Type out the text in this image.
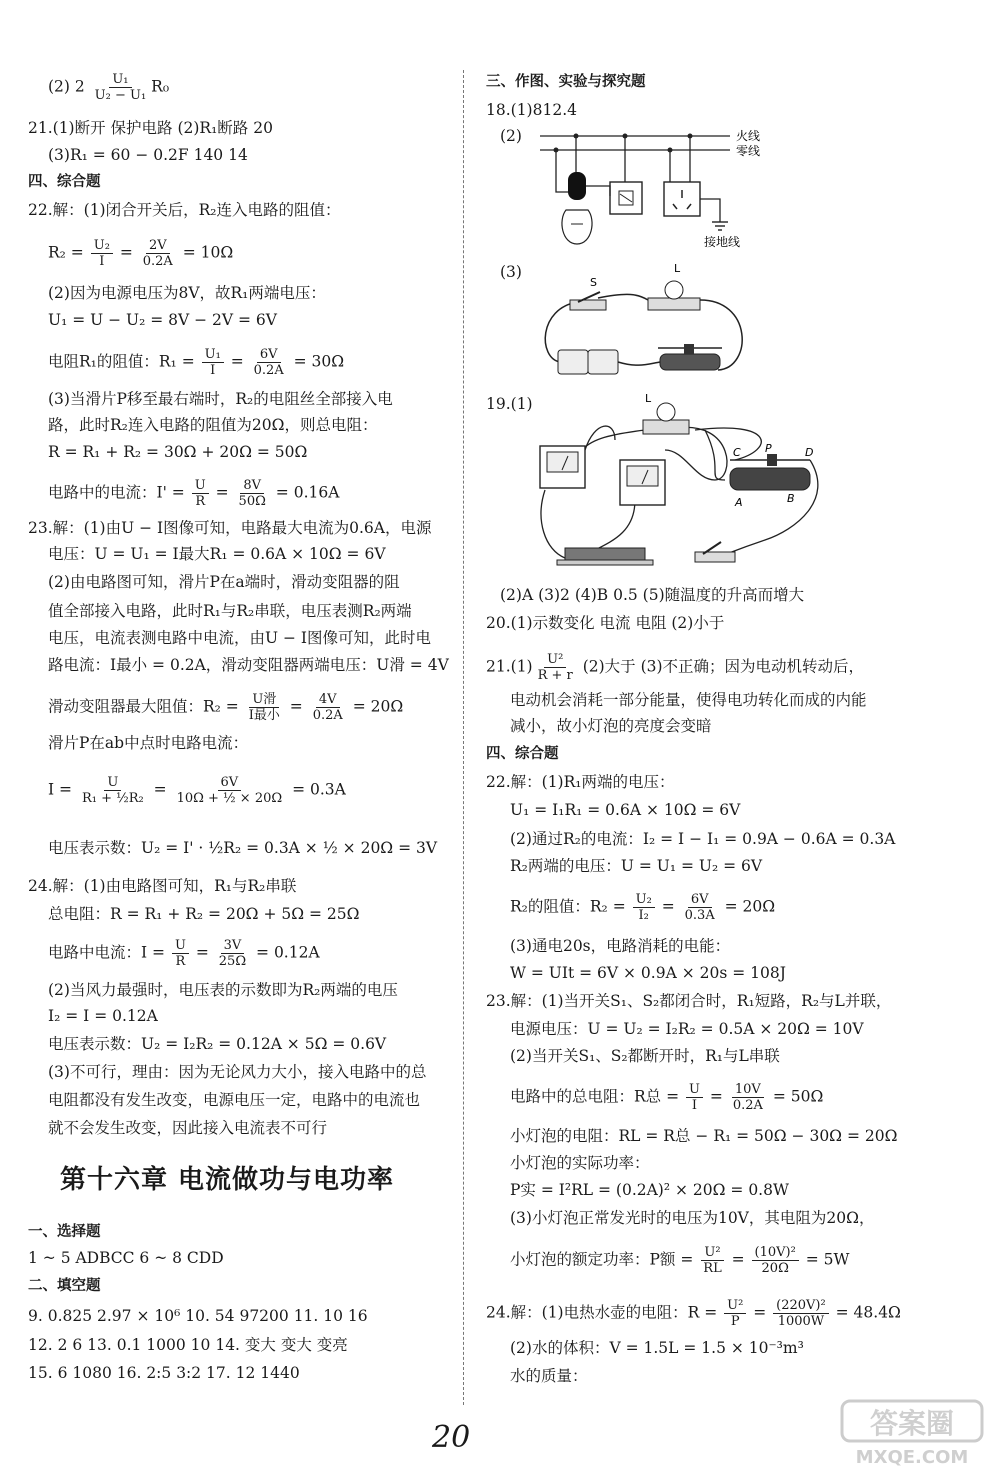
(2) $2 \frac{\text{U₁}}{\text{U₂ − U₁}} R_0$
21.(1)断开 保护电路 (2)R₁断路 20
(3)R₁ = 60 − 0.2F 140 14
四、综合题
22.解：(1)闭合开关后，R₂连入电路的阻值：
$R_2 = \frac{\text{U₂}}{I} = \frac{2V}{0.2A} = 10\Omega$
(2)因为电源电压为8V，故R₁两端电压：
U₁ = U − U₂ = 8V − 2V = 6V
电阻R₁的阻值：$R_1 = \frac{\text{U₁}}{I} = \frac{6V}{0.2A} = 30\Omega$
(3)当滑片P移至最右端时，R₂的电阻丝全部接入电
路，此时R₂连入电路的阻值为20Ω，则总电阻：
R = R₁ + R₂ = 30Ω + 20Ω = 50Ω
电路中的电流：$I' = \frac{U}{R} = \frac{8V}{50\Omega} = 0.16A$
23.解：(1)由U − I图像可知，电路最大电流为0.6A，电源
电压：U = U₁ = I最大R₁ = 0.6A × 10Ω = 6V
(2)由电路图可知，滑片P在a端时，滑动变阻器的阻
值全部接入电路，此时R₁与R₂串联，电压表测R₂两端
电压，电流表测电路中电流，由U − I图像可知，此时电
路电流：I最小 = 0.2A，滑动变阻器两端电压：U滑 = 4V
滑动变阻器最大阻值：$R_2 = \frac{\text{U滑}}{\text{I最小}} = \frac{4V}{0.2A} = 20\Omega$
滑片P在ab中点时电路电流：
$I = \frac{U}{\text{R₁ + ½R₂}} = \frac{6V}{\text{10Ω + ½ × 20Ω}} = 0.3A$
电压表示数：U₂ = I' · ½R₂ = 0.3A × ½ × 20Ω = 3V
24.解：(1)由电路图可知，R₁与R₂串联
总电阻：R = R₁ + R₂ = 20Ω + 5Ω = 25Ω
电路中电流：$I = \frac{U}{R} = \frac{3V}{25\Omega} = 0.12A$
(2)当风力最强时，电压表的示数即为R₂两端的电压
I₂ = I = 0.12A
电压表示数：U₂ = I₂R₂ = 0.12A × 5Ω = 0.6V
(3)不可行，理由：因为无论风力大小，接入电路中的总
电阻都没有发生改变，电源电压一定，电路中的电流也
就不会发生改变，因此接入电流表不可行
第十六章 电流做功与电功率
一、选择题
1 ~ 5 ADBCC 6 ~ 8 CDD
二、填空题
9. 0.825 2.97 × 10⁶ 10. 54 97200 11. 10 16
12. 2 6 13. 0.1 1000 10 14. 变大 变大 变亮
15. 6 1080 16. 2:5 3:2 17. 12 1440
三、作图、实验与探究题
18.(1)812.4
(2)	火线
零线
接地线
(3)
S
L
19.(1)	L
C P	D
A	B
(2)A (3)2 (4)B 0.5 (5)随温度的升高而增大
20.(1)示数变化 电流 电阻 (2)小于
$21.(1) \frac{\text{U²}}{R + r} (2)$大于 (3)不正确；因为电动机转动后，
电动机会消耗一部分能量，使得电功转化而成的内能
减小，故小灯泡的亮度会变暗
四、综合题
22.解：(1)R₁两端的电压：
U₁ = I₁R₁ = 0.6A × 10Ω = 6V
(2)通过R₂的电流：I₂ = I − I₁ = 0.9A − 0.6A = 0.3A
R₂两端的电压：U = U₁ = U₂ = 6V
R₂的阻值：$R_2 = \frac{\text{U₂}}{\text{I₂}} = \frac{6V}{0.3A} = 20\Omega$
(3)通电20s，电路消耗的电能：
W = UIt = 6V × 0.9A × 20s = 108J
23.解：(1)当开关S₁、S₂都闭合时，R₁短路，R₂与L并联，
电源电压：U = U₂ = I₂R₂ = 0.5A × 20Ω = 10V
(2)当开关S₁、S₂都断开时，R₁与L串联
电路中的总电阻：R总 = $\frac{U}{I} = \frac{10V}{0.2A} = 50\Omega$
小灯泡的电阻：RL = R总 − R₁ = 50Ω − 30Ω = 20Ω
小灯泡的实际功率：
P实 = I²RL = (0.2A)² × 20Ω = 0.8W
(3)小灯泡正常发光时的电压为10V，其电阻为20Ω，
小灯泡的额定功率：P额 = $\frac{\text{U²}}{RL} = \frac{\text{(10V)²}}{20\Omega} = 5W$
24.解：(1)电热水壶的电阻：$R = \frac{\text{U²}}{P} = \frac{\text{(220V)²}}{1000W} = 48.4\Omega$
(2)水的体积：V = 1.5L = 1.5 × 10⁻³m³
水的质量：
20	答案圈
MXQE.COM
